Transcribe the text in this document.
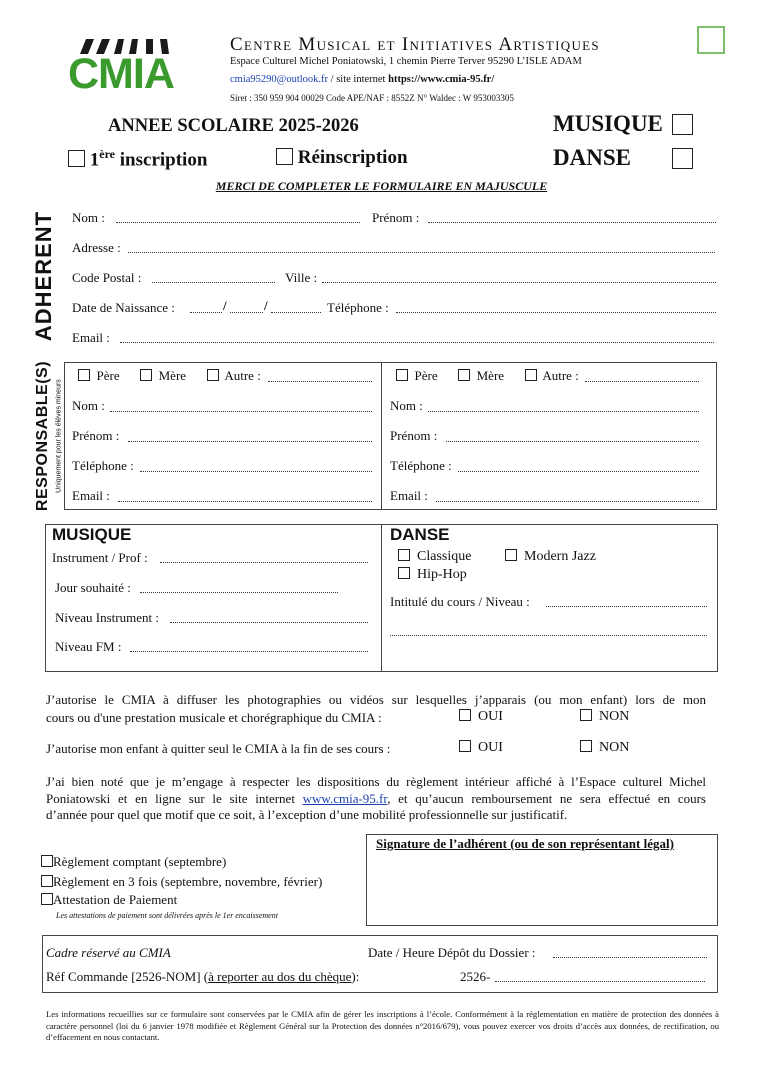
CMIA
Centre Musical et Initiatives Artistiques
Espace Culturel Michel Poniatowski, 1 chemin Pierre Terver 95290 L’ISLE ADAM
cmia95290@outlook.fr / site internet https://www.cmia-95.fr/
Siret : 350 959 904 00029 Code APE/NAF : 8552Z N° Waldec : W 953003305
ANNEE SCOLAIRE 2025-2026	MUSIQUE
DANSE
1ère inscription	Réinscription
MERCI DE COMPLETER LE FORMULAIRE EN MAJUSCULE
ADHERENT Nom :	Prénom :
Adresse :
Code Postal :	Ville :
Date de Naissance :	/	/	Téléphone :
Email :
RESPONSABLE(S) Uniquement pour les élèves mineurs
Père	Mère	Autre :
Nom :
Prénom :
Téléphone :
Email :
Père	Mère	Autre :
Nom :
Prénom :
Téléphone :
Email :
MUSIQUE
Instrument / Prof :
Jour souhaité :
Niveau Instrument :
Niveau FM :
DANSE
Classique	Modern Jazz
Hip-Hop
Intitulé du cours / Niveau :
J’autorise le CMIA à diffuser les photographies ou vidéos sur lesquelles j’apparais (ou mon enfant) lors de mon
cours ou d'une prestation musicale et chorégraphique du CMIA :	OUI	NON
J’autorise mon enfant à quitter seul le CMIA à la fin de ses cours :	OUI	NON
J’ai bien noté que je m’engage à respecter les dispositions du règlement intérieur affiché à l’Espace culturel Michel
Poniatowski et en ligne sur le site internet www.cmia-95.fr, et qu’aucun remboursement ne sera effectué en cours
d’année pour quel que motif que ce soit, à l’exception d’une mobilité professionnelle sur justificatif.
Règlement comptant (septembre)
Règlement en 3 fois (septembre, novembre, février)
Attestation de Paiement
Les attestations de paiement sont délivrées après le 1er encaissement
Signature de l’adhérent (ou de son représentant légal)
Cadre réservé au CMIA	Date / Heure Dépôt du Dossier :
Réf Commande [2526-NOM] (à reporter au dos du chèque):	2526-
Les informations recueillies sur ce formulaire sont conservées par le CMIA afin de gérer les inscriptions à l’école. Conformément à la réglementation en matière de protection des données à caractère personnel (loi du 6 janvier 1978 modifiée et Règlement Général sur la Protection des données n°2016/679), vous pouvez exercer vos droits d’accès aux données, de rectification, ou d’effacement en nous contactant.
